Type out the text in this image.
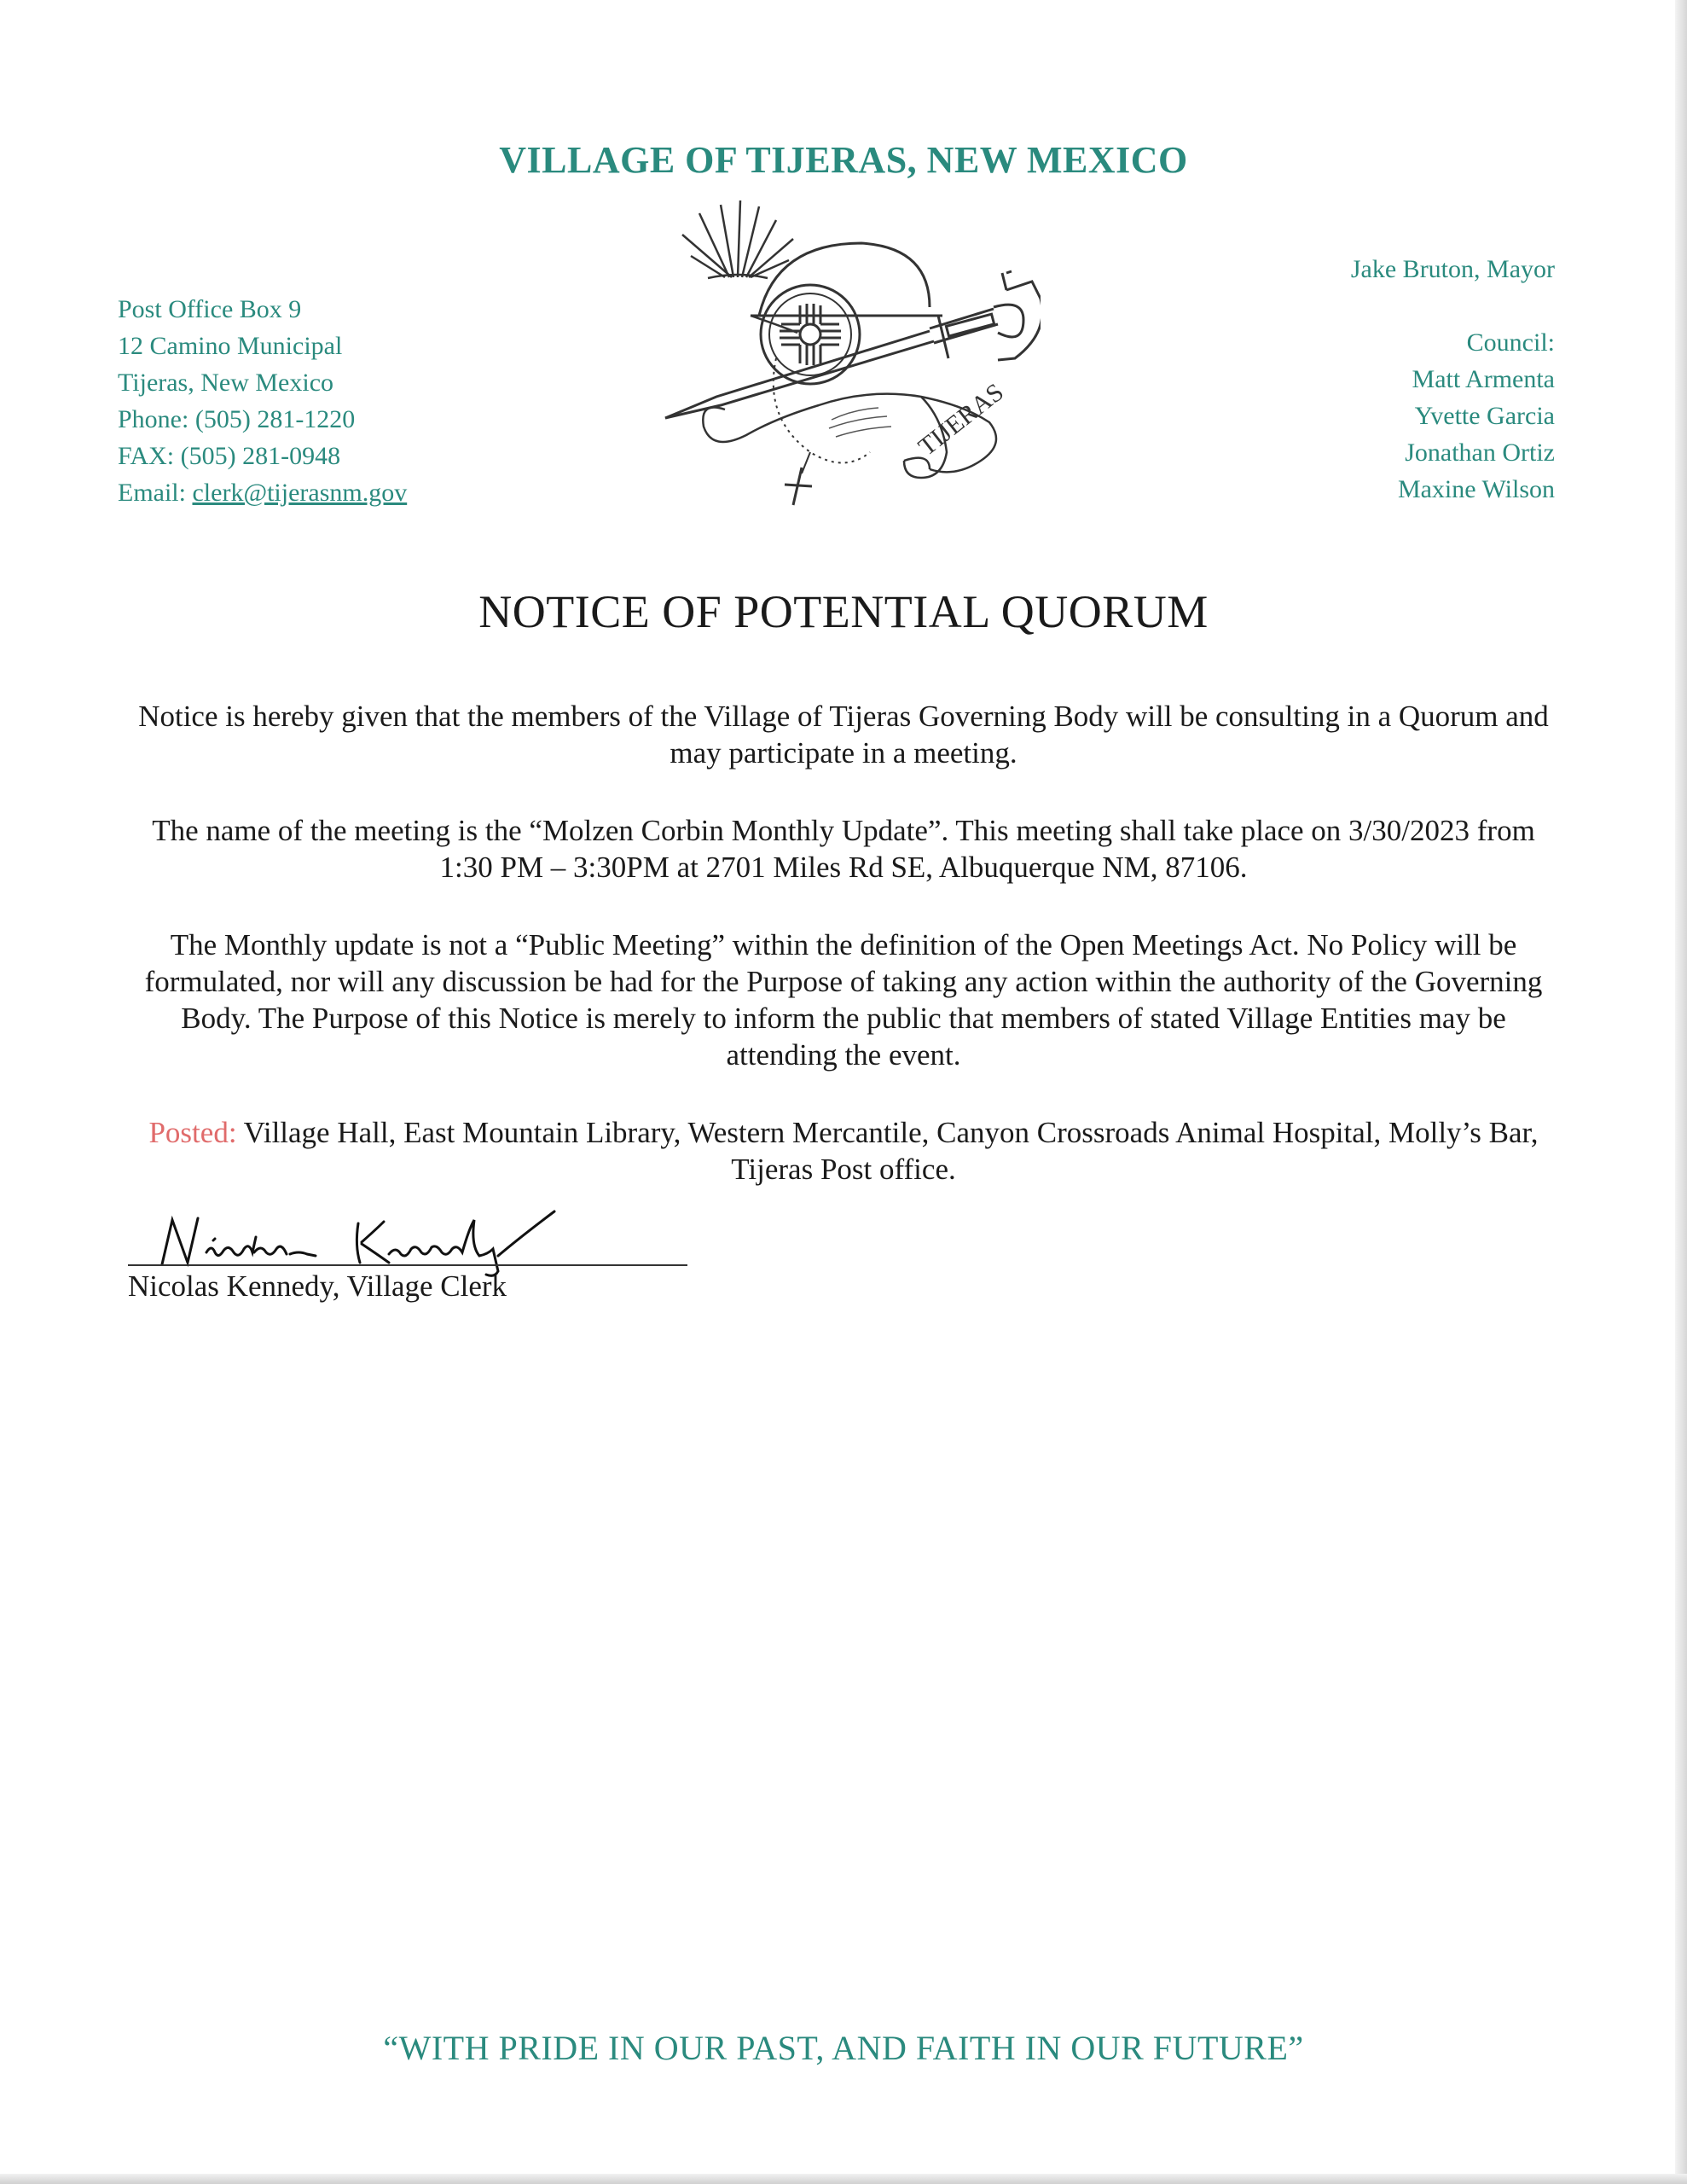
VILLAGE OF TIJERAS, NEW MEXICO
Post Office Box 9
12 Camino Municipal
Tijeras, New Mexico
Phone: (505) 281-1220
FAX: (505) 281-0948
Email: clerk@tijerasnm.gov
TIJERAS
Jake Bruton, Mayor
Council:
Matt Armenta
Yvette Garcia
Jonathan Ortiz
Maxine Wilson
NOTICE OF POTENTIAL QUORUM
Notice is hereby given that the members of the Village of Tijeras Governing Body will be consulting in a Quorum and may participate in a meeting.
The name of the meeting is the “Molzen Corbin Monthly Update”. This meeting shall take place on 3/30/2023 from 1:30 PM – 3:30PM at 2701 Miles Rd SE, Albuquerque NM, 87106.
The Monthly update is not a “Public Meeting” within the definition of the Open Meetings Act. No Policy will be formulated, nor will any discussion be had for the Purpose of taking any action within the authority of the Governing Body. The Purpose of this Notice is merely to inform the public that members of stated Village Entities may be attending the event.
Posted: Village Hall, East Mountain Library, Western Mercantile, Canyon Crossroads Animal Hospital, Molly’s Bar, Tijeras Post office.
Nicolas Kennedy, Village Clerk
“WITH PRIDE IN OUR PAST, AND FAITH IN OUR FUTURE”
